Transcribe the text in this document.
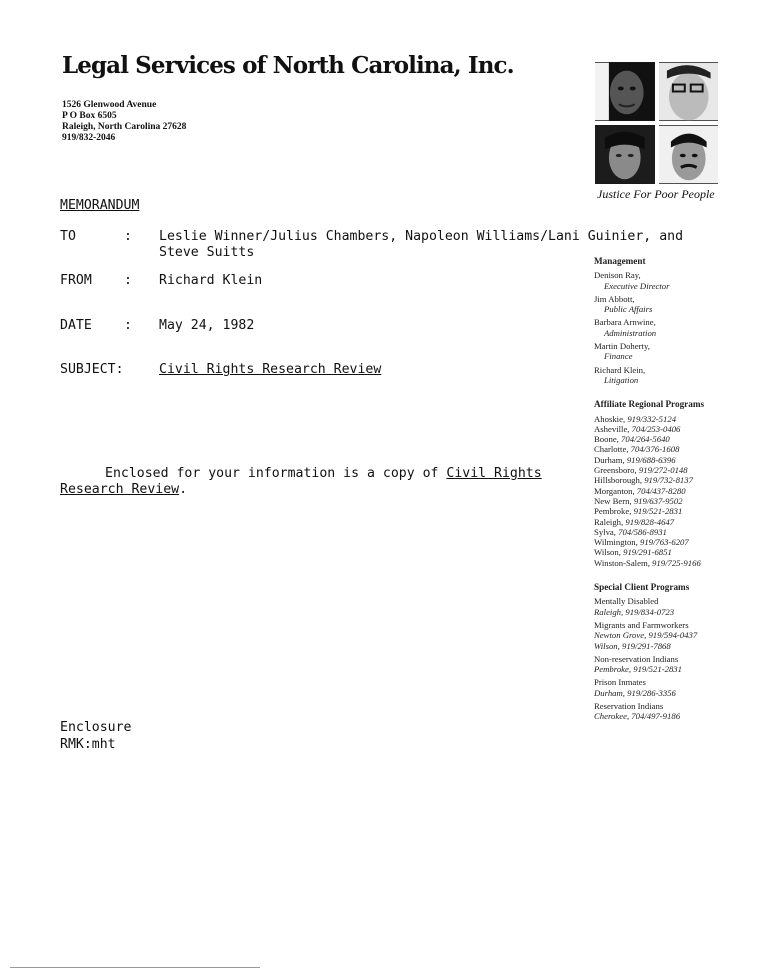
Legal Services of North Carolina, Inc.
1526 Glenwood Avenue
P O Box 6505
Raleigh, North Carolina 27628
919/832-2046
Justice For Poor People
MEMORANDUM
TO	: Leslie Winner/Julius Chambers, Napoleon Williams/Lani Guinier, and Steve Suitts
FROM : Richard Klein
DATE : May 24, 1982
SUBJECT:	Civil Rights Research Review
Enclosed for your information is a copy of Civil Rights Research Review.
Enclosure
RMK:mht
Management
Denison Ray,
Executive Director
Jim Abbott,
Public Affairs
Barbara Arnwine,
Administration
Martin Doherty,
Finance
Richard Klein,
Litigation
Affiliate Regional Programs
Ahoskie, 919/332-5124
Asheville, 704/253-0406
Boone, 704/264-5640
Charlotte, 704/376-1608
Durham, 919/688-6396
Greensboro, 919/272-0148
Hillsborough, 919/732-8137
Morganton, 704/437-8280
New Bern, 919/637-9502
Pembroke, 919/521-2831
Raleigh, 919/828-4647
Sylva, 704/586-8931
Wilmington, 919/763-6207
Wilson, 919/291-6851
Winston-Salem, 919/725-9166
Special Client Programs
Mentally Disabled
Raleigh, 919/834-0723
Migrants and Farmworkers
Newton Grove, 919/594-0437
Wilson, 919/291-7868
Non-reservation Indians
Pembroke, 919/521-2831
Prison Inmates
Durham, 919/286-3356
Reservation Indians
Cherokee, 704/497-9186
